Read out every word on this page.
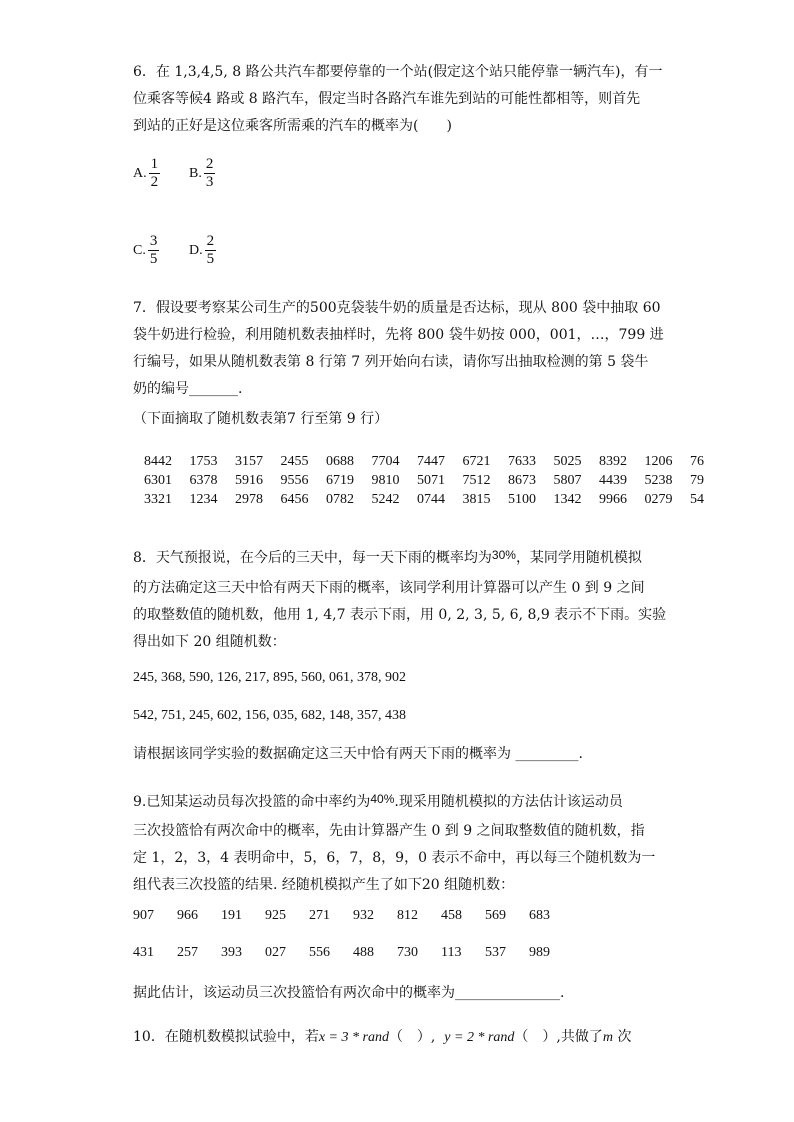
6．在 1,3,4,5, 8 路公共汽车都要停靠的一个站(假定这个站只能停靠一辆汽车)，有一
位乘客等候4 路或 8 路汽车，假定当时各路汽车谁先到站的可能性都相等，则首先
到站的正好是这位乘客所需乘的汽车的概率为(　　)
A. $\frac{1}{2} B$. $\frac{2}{3}$
C. $\frac{3}{5} D$. $\frac{2}{5}$
7．假设要考察某公司生产的500克袋装牛奶的质量是否达标，现从 800 袋中抽取 60
袋牛奶进行检验，利用随机数表抽样时，先将 800 袋牛奶按 000，001，…，799 进
行编号，如果从随机数表第 8 行第 7 列开始向右读，请你写出抽取检测的第 5 袋牛
奶的编号_______.
（下面摘取了随机数表第7 行至第 9 行）
8442	1753	3157	2455	0688	7704	7447	6721	7633	5025	8392	1206	76
6301	6378	5916	9556	6719	9810	5071	7512	8673	5807	4439	5238	79
3321	1234	2978	6456	0782	5242	0744	3815	5100	1342	9966	0279	54
8．天气预报说，在今后的三天中，每一天下雨的概率均为30%，某同学用随机模拟
的方法确定这三天中恰有两天下雨的概率，该同学利用计算器可以产生 0 到 9 之间
的取整数值的随机数，他用 1, 4,7 表示下雨，用 0, 2, 3, 5, 6, 8,9 表示不下雨。实验
得出如下 20 组随机数：
245, 368, 590, 126, 217, 895, 560, 061, 378, 902
542, 751, 245, 602, 156, 035, 682, 148, 357, 438
请根据该同学实验的数据确定这三天中恰有两天下雨的概率为 _________.
9.已知某运动员每次投篮的命中率约为40%.现采用随机模拟的方法估计该运动员
三次投篮恰有两次命中的概率，先由计算器产生 0 到 9 之间取整数值的随机数，指
定 1，2，3，4 表明命中，5，6，7，8，9，0 表示不命中，再以每三个随机数为一
组代表三次投篮的结果. 经随机模拟产生了如下20 组随机数：
907 966 191 925 271 932 812 458 569 683
431 257 393 027 556 488 730 113 537 989
据此估计，该运动员三次投篮恰有两次命中的概率为_______________.
10．在随机数模拟试验中，若x = 3 * rand（　）, y = 2 * rand（　）,共做了m 次
